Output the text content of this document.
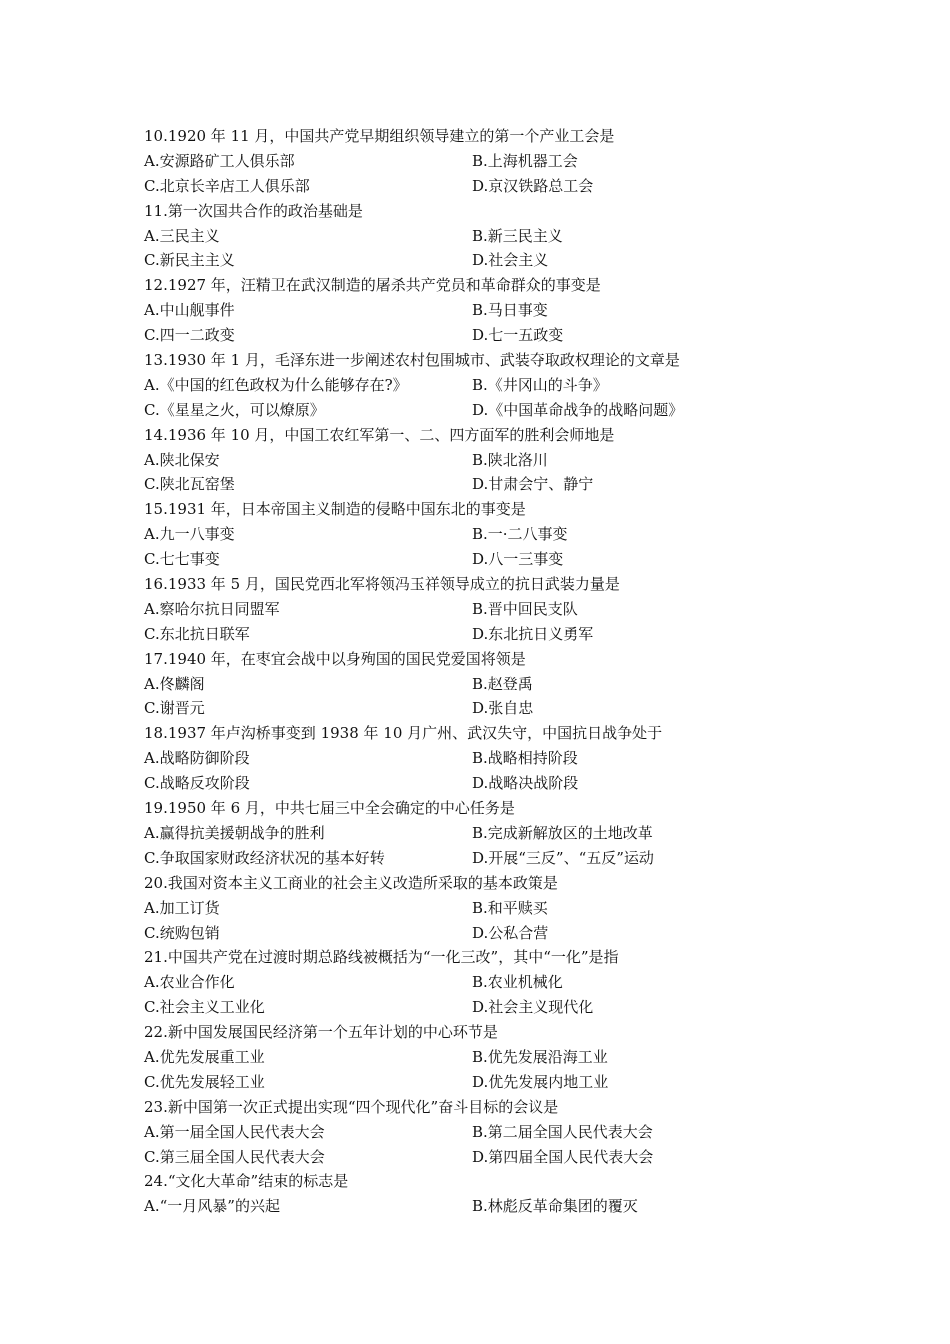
10.1920 年 11 月，中国共产党早期组织领导建立的第一个产业工会是
A.安源路矿工人俱乐部	B.上海机器工会
C.北京长辛店工人俱乐部	D.京汉铁路总工会
11.第一次国共合作的政治基础是
A.三民主义	B.新三民主义
C.新民主主义	D.社会主义
12.1927 年，汪精卫在武汉制造的屠杀共产党员和革命群众的事变是
A.中山舰事件	B.马日事变
C.四一二政变	D.七一五政变
13.1930 年 1 月，毛泽东进一步阐述农村包围城市、武装夺取政权理论的文章是
A.《中国的红色政权为什么能够存在?》	B.《井冈山的斗争》
C.《星星之火，可以燎原》	D.《中国革命战争的战略问题》
14.1936 年 10 月，中国工农红军第一、二、四方面军的胜利会师地是
A.陕北保安	B.陕北洛川
C.陕北瓦窑堡	D.甘肃会宁、静宁
15.1931 年，日本帝国主义制造的侵略中国东北的事变是
A.九一八事变	B.一·二八事变
C.七七事变	D.八一三事变
16.1933 年 5 月，国民党西北军将领冯玉祥领导成立的抗日武装力量是
A.察哈尔抗日同盟军	B.晋中回民支队
C.东北抗日联军	D.东北抗日义勇军
17.1940 年，在枣宜会战中以身殉国的国民党爱国将领是
A.佟麟阁	B.赵登禹
C.谢晋元	D.张自忠
18.1937 年卢沟桥事变到 1938 年 10 月广州、武汉失守，中国抗日战争处于
A.战略防御阶段	B.战略相持阶段
C.战略反攻阶段	D.战略决战阶段
19.1950 年 6 月，中共七届三中全会确定的中心任务是
A.赢得抗美援朝战争的胜利	B.完成新解放区的土地改革
C.争取国家财政经济状况的基本好转	D.开展“三反”、“五反”运动
20.我国对资本主义工商业的社会主义改造所采取的基本政策是
A.加工订货	B.和平赎买
C.统购包销	D.公私合营
21.中国共产党在过渡时期总路线被概括为“一化三改”，其中“一化”是指
A.农业合作化	B.农业机械化
C.社会主义工业化	D.社会主义现代化
22.新中国发展国民经济第一个五年计划的中心环节是
A.优先发展重工业	B.优先发展沿海工业
C.优先发展轻工业	D.优先发展内地工业
23.新中国第一次正式提出实现“四个现代化”奋斗目标的会议是
A.第一届全国人民代表大会	B.第二届全国人民代表大会
C.第三届全国人民代表大会	D.第四届全国人民代表大会
24.“文化大革命”结束的标志是
A.“一月风暴”的兴起	B.林彪反革命集团的覆灭
